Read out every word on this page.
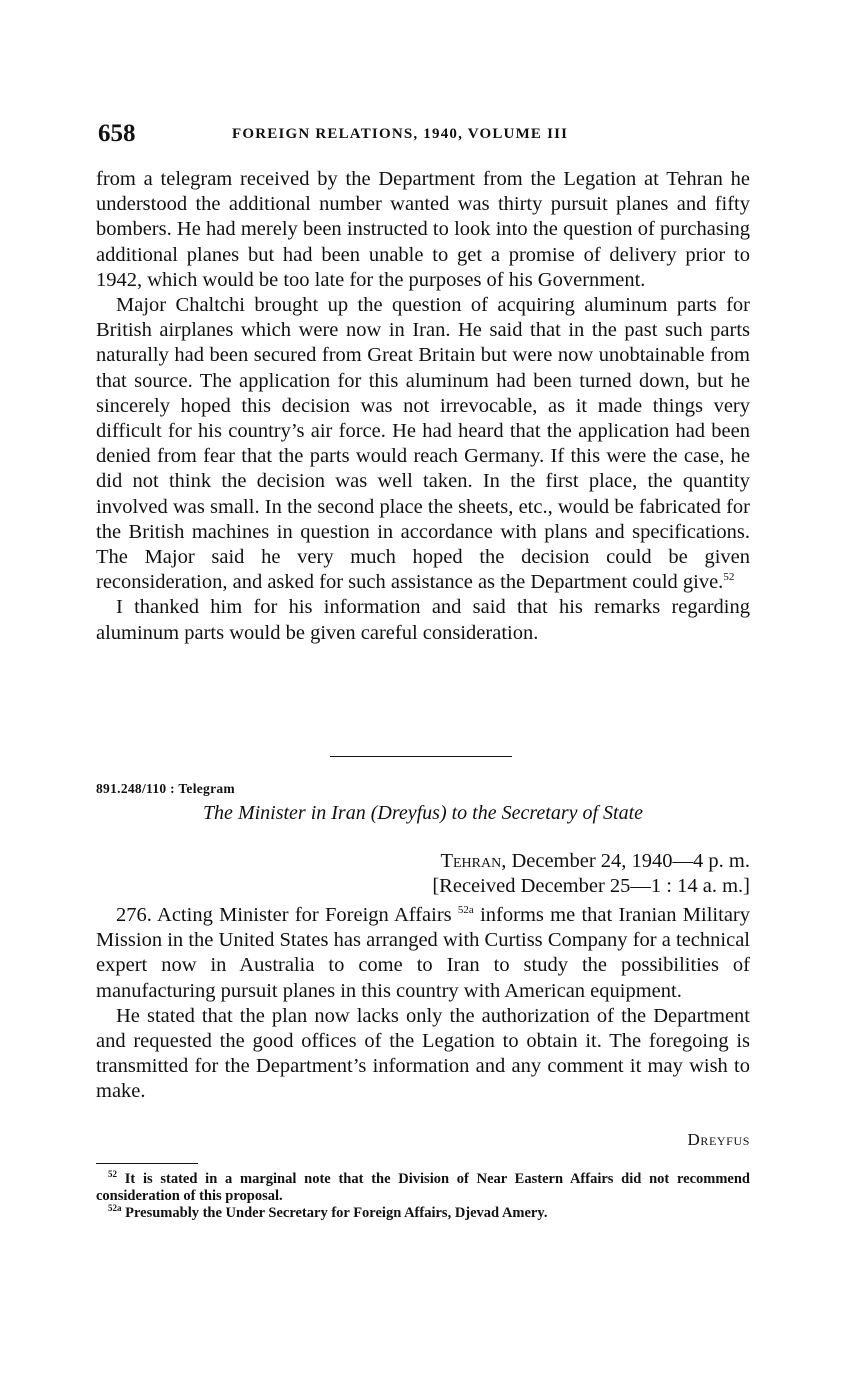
658	FOREIGN RELATIONS, 1940, VOLUME III

from a telegram received by the Department from the Legation at Tehran he understood the additional number wanted was thirty pursuit planes and fifty bombers. He had merely been instructed to look into the question of purchasing additional planes but had been unable to get a promise of delivery prior to 1942, which would be too late for the purposes of his Government.

Major Chaltchi brought up the question of acquiring aluminum parts for British airplanes which were now in Iran. He said that in the past such parts naturally had been secured from Great Britain but were now unobtainable from that source. The application for this aluminum had been turned down, but he sincerely hoped this decision was not irrevocable, as it made things very difficult for his country’s air force. He had heard that the application had been denied from fear that the parts would reach Germany. If this were the case, he did not think the decision was well taken. In the first place, the quantity involved was small. In the second place the sheets, etc., would be fabricated for the British machines in question in accordance with plans and specifications. The Major said he very much hoped the decision could be given reconsideration, and asked for such assistance as the Department could give.$^{52}$

I thanked him for his information and said that his remarks regarding aluminum parts would be given careful consideration.

891.248/110 : Telegram
The Minister in Iran (Dreyfus) to the Secretary of State
Tehran, December 24, 1940—4 p. m.
[Received December 25—1 : 14 a. m.]

276. Acting Minister for Foreign Affairs $^{52a}$ informs me that Iranian Military Mission in the United States has arranged with Curtiss Company for a technical expert now in Australia to come to Iran to study the possibilities of manufacturing pursuit planes in this country with American equipment.

He stated that the plan now lacks only the authorization of the Department and requested the good offices of the Legation to obtain it. The foregoing is transmitted for the Department’s information and any comment it may wish to make.

Dreyfus

$^{52}$ It is stated in a marginal note that the Division of Near Eastern Affairs did not recommend consideration of this proposal.

$^{52a}$ Presumably the Under Secretary for Foreign Affairs, Djevad Amery.
